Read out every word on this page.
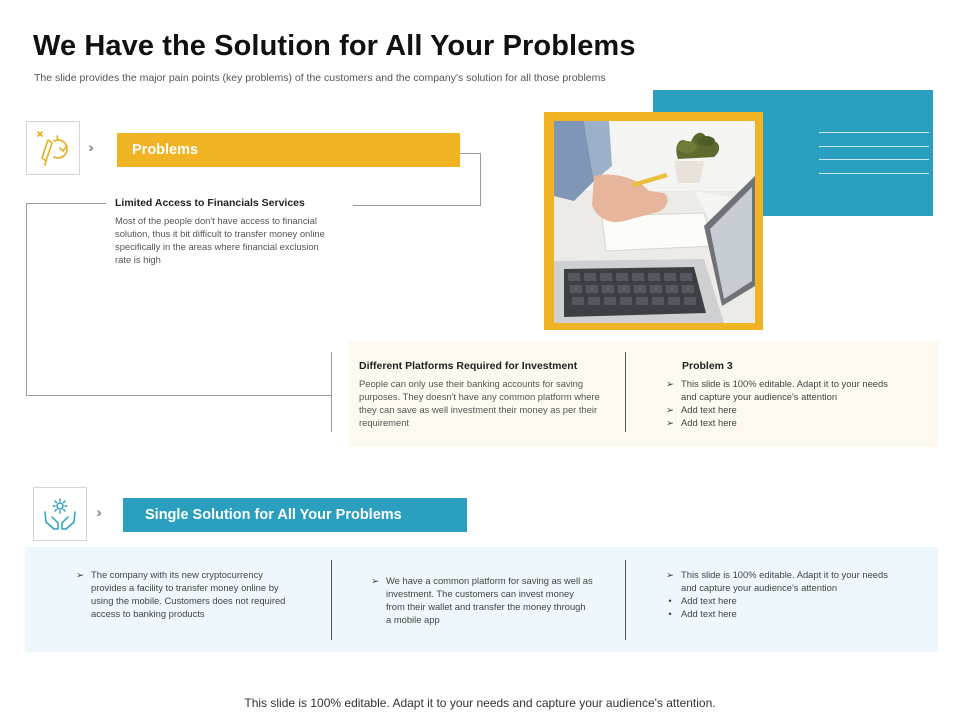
We Have the Solution for All Your Problems
The slide provides the major pain points (key problems) of the customers and the company's solution for all those problems
›››	Problems
Limited Access to Financials Services
Most of the people don't have access to financial solution, thus it bit difficult to transfer money online specifically in the areas where financial exclusion rate is high
Different Platforms Required for Investment
People can only use their banking accounts for saving purposes. They doesn't have any common platform where they can save as well investment their money as per their requirement
Problem 3
➢ This slide is 100% editable. Adapt it to your needs and capture your audience's attention
➢ Add text here
➢ Add text here
›››	Single Solution for All Your Problems
➢ The company with its new cryptocurrency provides a facility to transfer money online by using the mobile. Customers does not required access to banking products
➢ We have a common platform for saving as well as investment. The customers can invest money from their wallet and transfer the money through a mobile app
➢ This slide is 100% editable. Adapt it to your needs and capture your audience's attention
• Add text here
• Add text here
This slide is 100% editable. Adapt it to your needs and capture your audience's attention.
